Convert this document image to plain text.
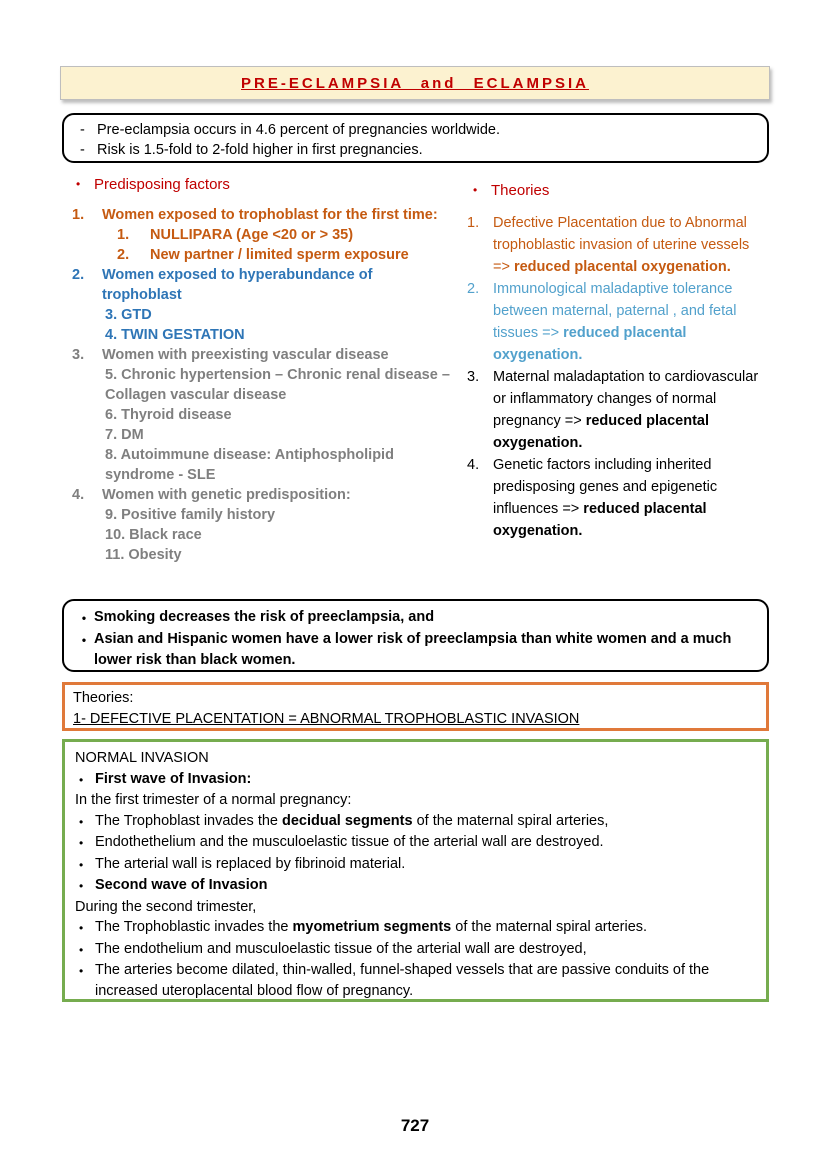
PRE-ECLAMPSIA and ECLAMPSIA
- Pre-eclampsia occurs in 4.6 percent of pregnancies worldwide.
- Risk is 1.5-fold to 2-fold higher in first pregnancies.
• Predisposing factors
1.	Women exposed to trophoblast for the first time:
1.	NULLIPARA (Age <20 or > 35)
2.	New partner / limited sperm exposure
2.	Women exposed to hyperabundance of trophoblast
3. GTD
4. TWIN GESTATION
3.	Women with preexisting vascular disease
5. Chronic hypertension – Chronic renal disease – Collagen vascular disease
6. Thyroid disease
7. DM
8. Autoimmune disease: Antiphospholipid syndrome - SLE
4.	Women with genetic predisposition:
9. Positive family history
10. Black race
11. Obesity
• Theories
1. Defective Placentation due to Abnormal trophoblastic invasion of uterine vessels => reduced placental oxygenation.
2. Immunological maladaptive tolerance between maternal, paternal , and fetal tissues => reduced placental oxygenation.
3. Maternal maladaptation to cardiovascular or inflammatory changes of normal pregnancy => reduced placental oxygenation.
4. Genetic factors including inherited predisposing genes and epigenetic influences => reduced placental oxygenation.
• Smoking decreases the risk of preeclampsia, and
• Asian and Hispanic women have a lower risk of preeclampsia than white women and a much lower risk than black women.
Theories:
1- DEFECTIVE PLACENTATION = ABNORMAL TROPHOBLASTIC INVASION
NORMAL INVASION
• First wave of Invasion:
In the first trimester of a normal pregnancy:
• The Trophoblast invades the decidual segments of the maternal spiral arteries,
• Endothethelium and the musculoelastic tissue of the arterial wall are destroyed.
• The arterial wall is replaced by fibrinoid material.
• Second wave of Invasion
During the second trimester,
• The Trophoblastic invades the myometrium segments of the maternal spiral arteries.
• The endothelium and musculoelastic tissue of the arterial wall are destroyed,
• The arteries become dilated, thin-walled, funnel-shaped vessels that are passive conduits of the increased uteroplacental blood flow of pregnancy.
727
